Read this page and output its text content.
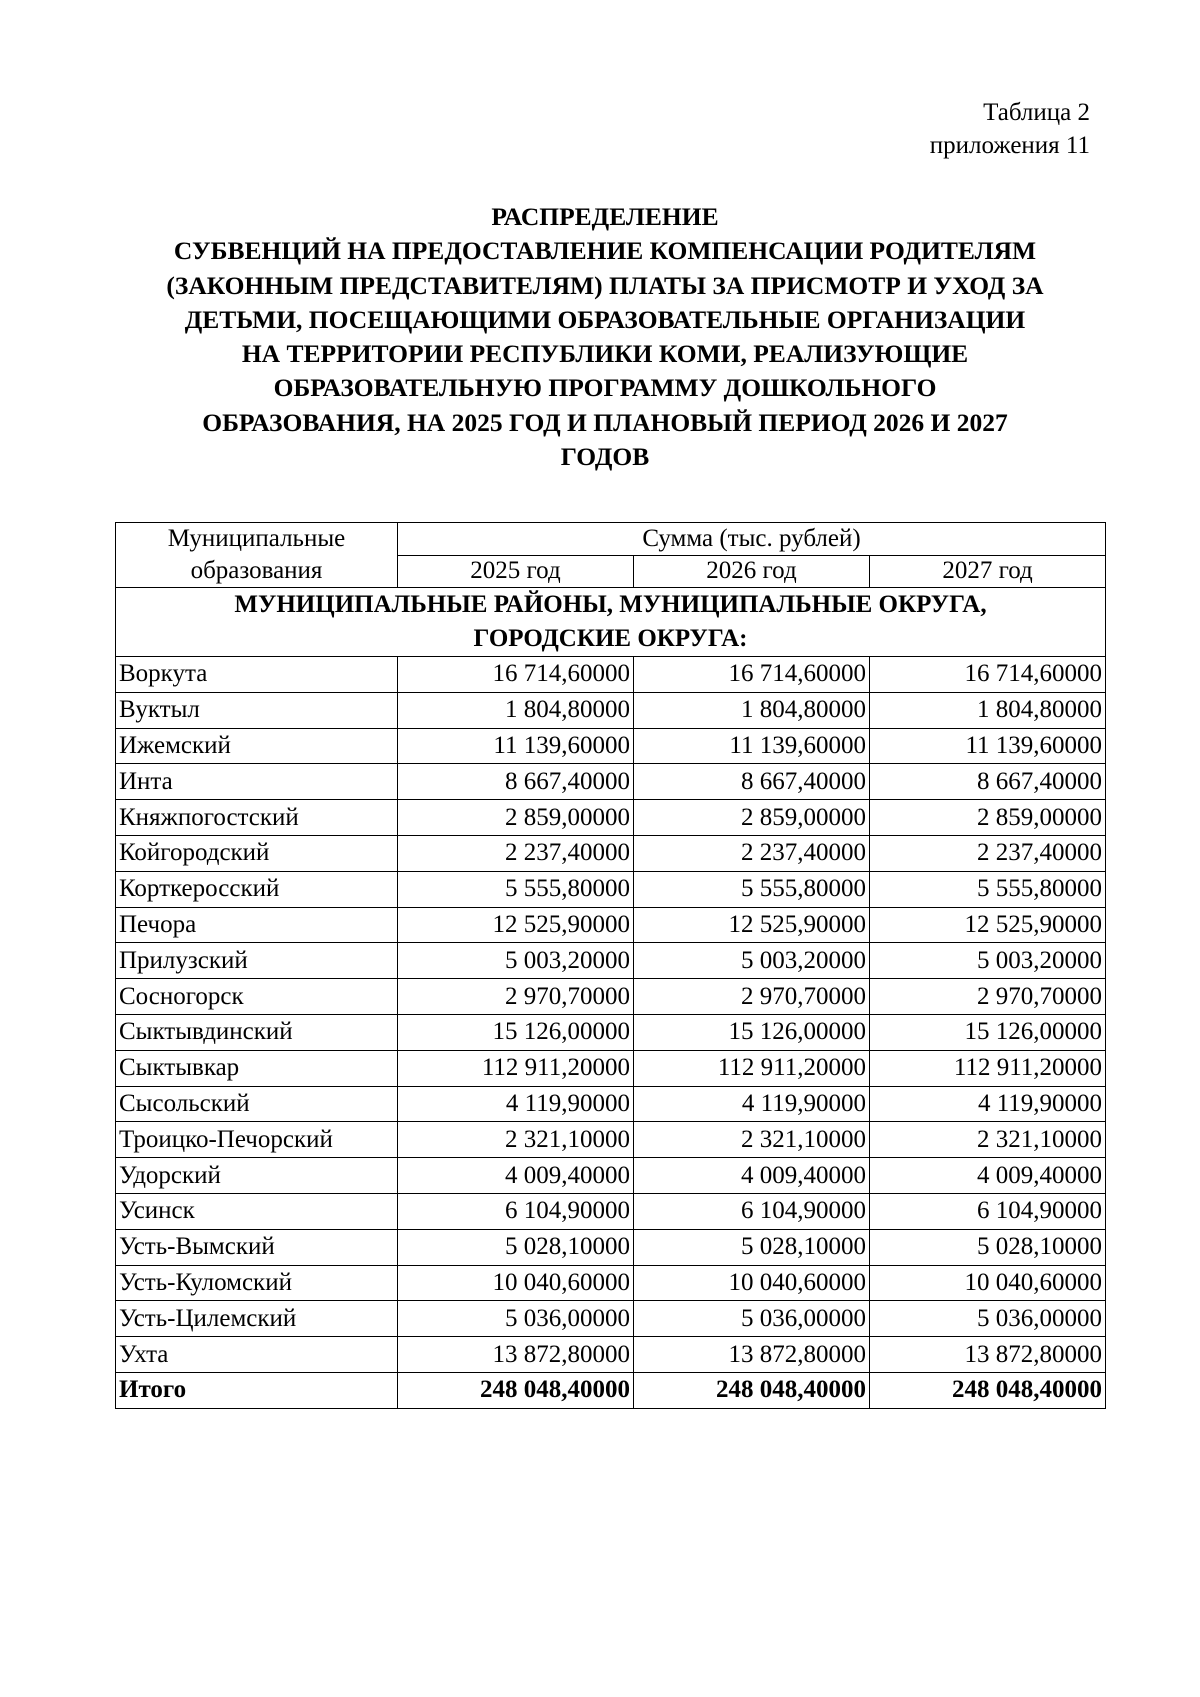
Таблица 2
приложения 11
РАСПРЕДЕЛЕНИЕ
СУБВЕНЦИЙ НА ПРЕДОСТАВЛЕНИЕ КОМПЕНСАЦИИ РОДИТЕЛЯМ
(ЗАКОННЫМ ПРЕДСТАВИТЕЛЯМ) ПЛАТЫ ЗА ПРИСМОТР И УХОД ЗА
ДЕТЬМИ, ПОСЕЩАЮЩИМИ ОБРАЗОВАТЕЛЬНЫЕ ОРГАНИЗАЦИИ
НА ТЕРРИТОРИИ РЕСПУБЛИКИ КОМИ, РЕАЛИЗУЮЩИЕ
ОБРАЗОВАТЕЛЬНУЮ ПРОГРАММУ ДОШКОЛЬНОГО
ОБРАЗОВАНИЯ, НА 2025 ГОД И ПЛАНОВЫЙ ПЕРИОД 2026 И 2027
ГОДОВ
Муниципальные
образования	Сумма (тыс. рублей)		
	2025 год	2026 год	2027 год

МУНИЦИПАЛЬНЫЕ РАЙОНЫ, МУНИЦИПАЛЬНЫЕ ОКРУГА,
ГОРОДСКИЕ ОКРУГА:			

Воркута	16 714,60000	16 714,60000	16 714,60000
Вуктыл	1 804,80000	1 804,80000	1 804,80000
Ижемский	11 139,60000	11 139,60000	11 139,60000
Инта	8 667,40000	8 667,40000	8 667,40000
Княжпогостский	2 859,00000	2 859,00000	2 859,00000
Койгородский	2 237,40000	2 237,40000	2 237,40000
Корткеросский	5 555,80000	5 555,80000	5 555,80000
Печора	12 525,90000	12 525,90000	12 525,90000
Прилузский	5 003,20000	5 003,20000	5 003,20000
Сосногорск	2 970,70000	2 970,70000	2 970,70000
Сыктывдинский	15 126,00000	15 126,00000	15 126,00000
Сыктывкар	112 911,20000	112 911,20000	112 911,20000
Сысольский	4 119,90000	4 119,90000	4 119,90000
Троицко-Печорский	2 321,10000	2 321,10000	2 321,10000
Удорский	4 009,40000	4 009,40000	4 009,40000
Усинск	6 104,90000	6 104,90000	6 104,90000
Усть-Вымский	5 028,10000	5 028,10000	5 028,10000
Усть-Куломский	10 040,60000	10 040,60000	10 040,60000
Усть-Цилемский	5 036,00000	5 036,00000	5 036,00000
Ухта	13 872,80000	13 872,80000	13 872,80000
Итого	248 048,40000	248 048,40000	248 048,40000
